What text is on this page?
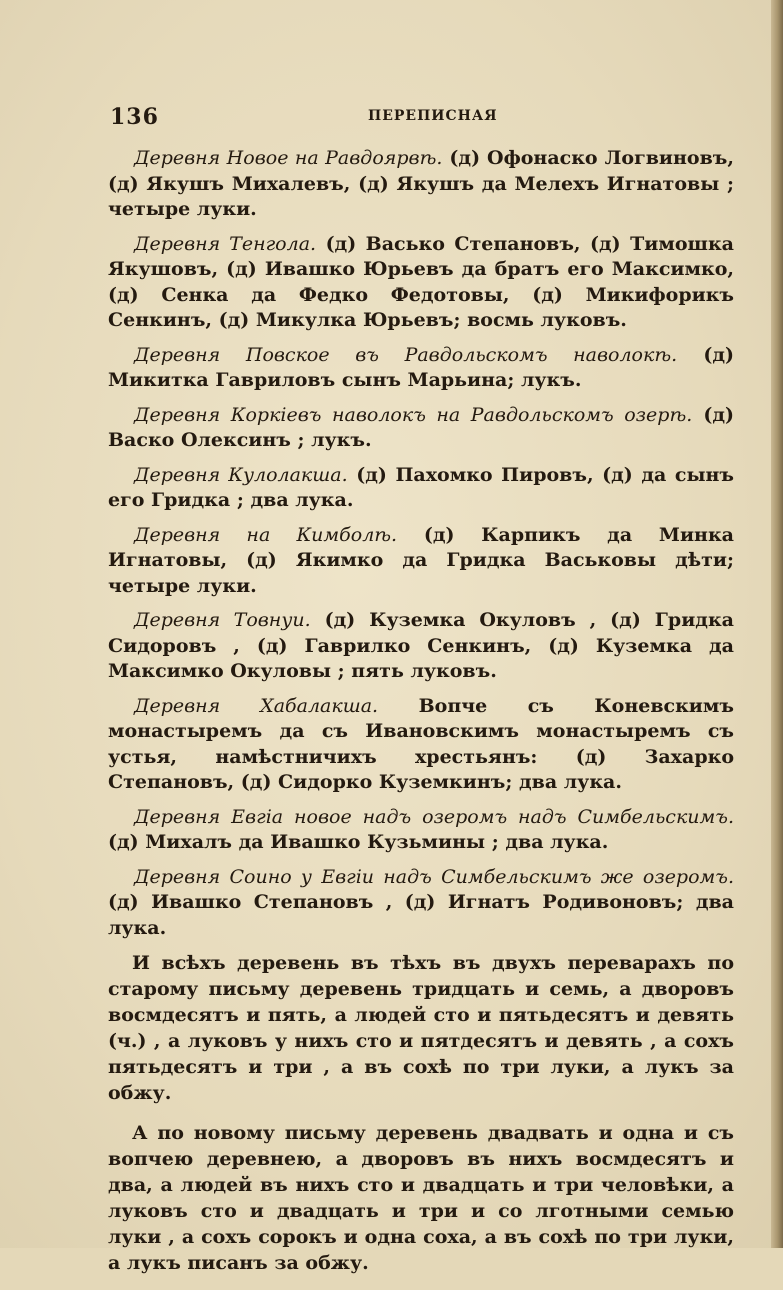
136	ПЕРЕПИСНАЯ

Деревня Новое на Равдоярвѣ. (д) Офонаско Логвиновъ, (д) Якушъ Михалевъ, (д) Якушъ да Мелехъ Игнатовы ; четыре луки.

Деревня Тенгола. (д) Васько Степановъ, (д) Тимошка Якушовъ, (д) Ивашко Юрьевъ да братъ его Максимко, (д) Сенка да Федко Федотовы, (д) Микифорикъ Сенкинъ, (д) Микулка Юрьевъ; восмь луковъ.

Деревня Повское въ Равдольскомъ наволокѣ. (д) Микитка Гавриловъ сынъ Марьина; лукъ.

Деревня Коркіевъ наволокъ на Равдольскомъ озерѣ. (д) Васко Олексинъ ; лукъ.

Деревня Кулолакша. (д) Пахомко Пировъ, (д) да сынъ его Гридка ; два лука.

Деревня на Кимболѣ. (д) Карпикъ да Минка Игнатовы, (д) Якимко да Гридка Васьковы дѣти; четыре луки.

Деревня Товнуи. (д) Куземка Окуловъ , (д) Гридка Сидоровъ , (д) Гаврилко Сенкинъ, (д) Куземка да Максимко Окуловы ; пять луковъ.

Деревня Хабалакша. Вопче съ Коневскимъ монастыремъ да съ Ивановскимъ монастыремъ съ устья, намѣстничихъ хрестьянъ: (д) Захарко Степановъ, (д) Сидорко Куземкинъ; два лука.

Деревня Евгіа новое надъ озеромъ надъ Симбельскимъ. (д) Михалъ да Ивашко Кузьмины ; два лука.

Деревня Соино у Евгіи надъ Симбельскимъ же озеромъ. (д) Ивашко Степановъ , (д) Игнатъ Родивоновъ; два лука.

И всѣхъ деревень въ тѣхъ въ двухъ переварахъ по старому письму деревень тридцать и семь, а дворовъ восмдесятъ и пять, а людей сто и пятьдесятъ и девять (ч.) , а луковъ у нихъ сто и пятдесятъ и девять , а сохъ пятьдесятъ и три , а въ сохѣ по три луки, а лукъ за обжу.

А по новому письму деревень двадвать и одна и съ вопчею деревнею, а дворовъ въ нихъ восмдесятъ и два, а людей въ нихъ сто и двадцать и три человѣки, а луковъ сто и двадцать и три и со лготными семью луки , а сохъ сорокъ и одна соха, а въ сохѣ по три луки, а лукъ писанъ за обжу.
